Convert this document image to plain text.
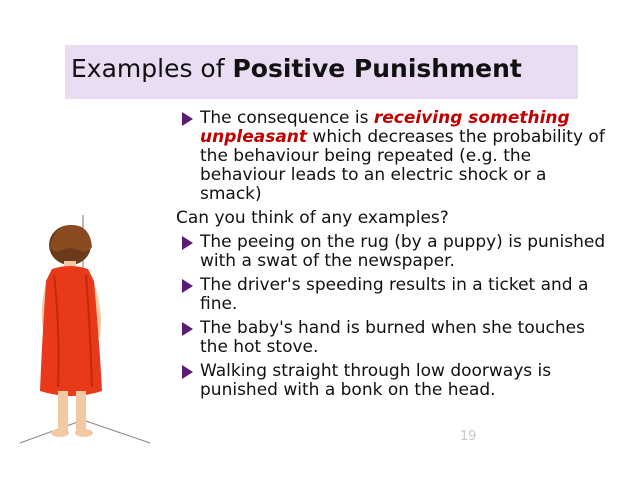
Examples of Positive Punishment
The consequence is receiving something unpleasant which decreases the probability of the behaviour being repeated (e.g. the behaviour leads to an electric shock or a smack)
Can you think of any examples?
The peeing on the rug (by a puppy) is punished with a swat of the newspaper.
The driver's speeding results in a ticket and a fine.
The baby's hand is burned when she touches the hot stove.
Walking straight through low doorways is punished with a bonk on the head.
19
